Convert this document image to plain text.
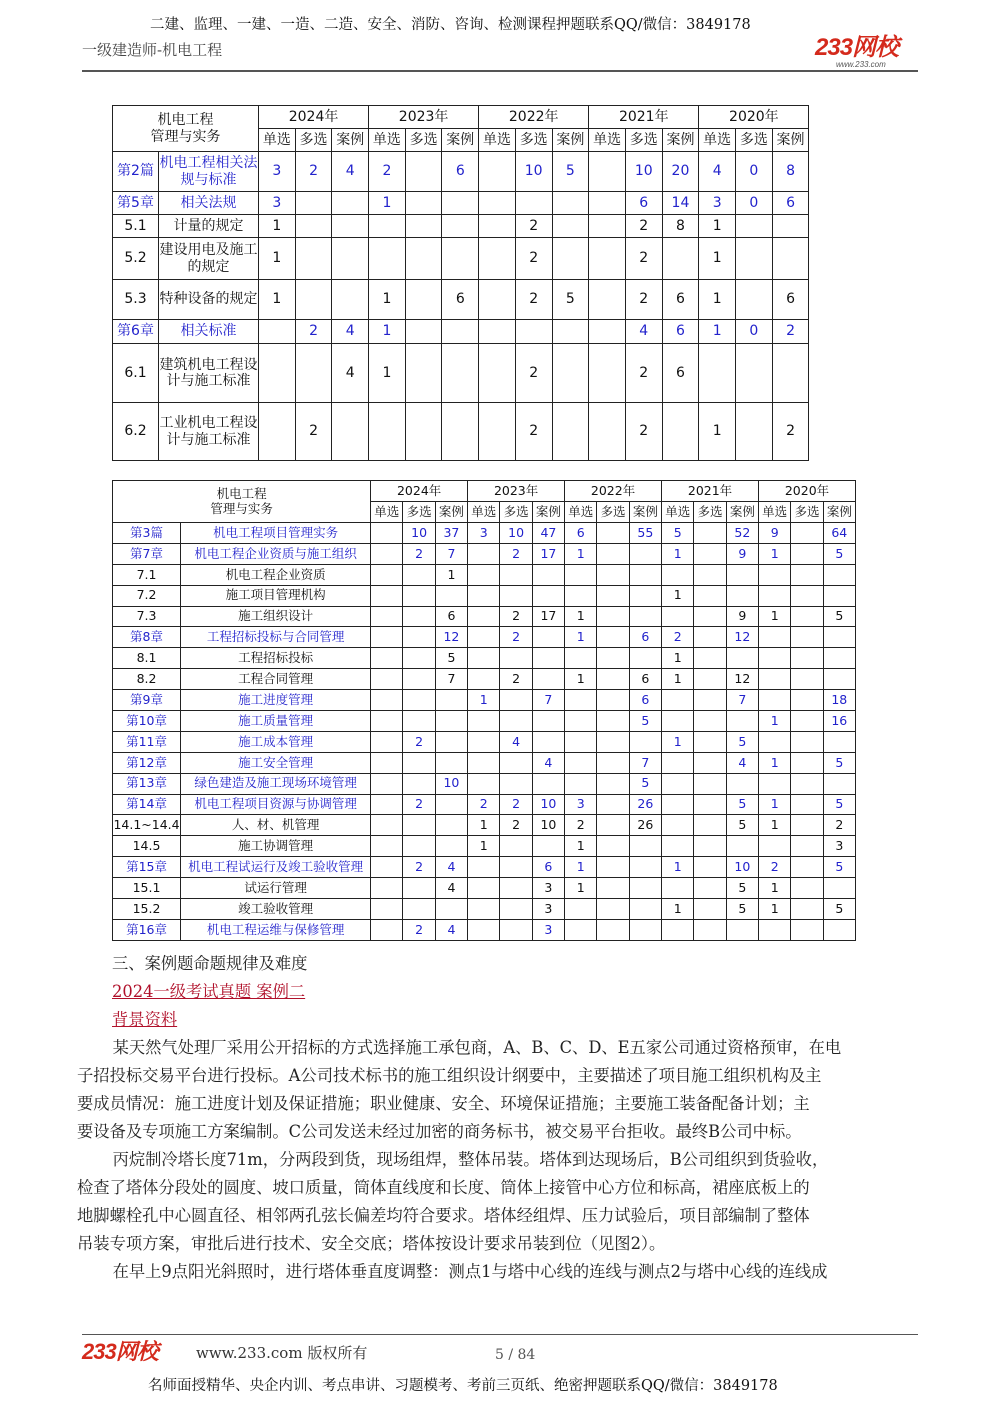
二建、监理、一建、一造、二造、安全、消防、咨询、检测课程押题联系QQ/微信：3849178
一级建造师-机电工程	233网校
www.233.com
机电工程
管理与实务		2024年			2023年			2022年			2021年			2020年		
		单选	多选	案例	单选	多选	案例	单选	多选	案例	单选	多选	案例	单选	多选	案例
第2篇	机电工程相关法规与标准	3	2	4	2		6		10	5		10	20	4	0	8
第5章	相关法规	3			1							6	14	3	0	6
5.1	计量的规定	1							2			2	8	1		
5.2	建设用电及施工的规定	1							2			2		1		
5.3	特种设备的规定	1			1		6		2	5		2	6	1		6
第6章	相关标准		2	4	1							4	6	1	0	2
6.1	建筑机电工程设计与施工标准			4	1				2			2	6			
6.2	工业机电工程设计与施工标准		2						2			2		1		2
机电工程
管理与实务		2024年			2023年			2022年			2021年			2020年		
		单选	多选	案例	单选	多选	案例	单选	多选	案例	单选	多选	案例	单选	多选	案例
第3篇	机电工程项目管理实务		10	37	3	10	47	6		55	5		52	9		64
第7章	机电工程企业资质与施工组织		2	7		2	17	1			1		9	1		5
7.1	机电工程企业资质			1												
7.2	施工项目管理机构										1					
7.3	施工组织设计			6		2	17	1					9	1		5
第8章	工程招标投标与合同管理			12		2		1		6	2		12			
8.1	工程招标投标			5							1					
8.2	工程合同管理			7		2		1		6	1		12			
第9章	施工进度管理				1		7			6			7			18
第10章	施工质量管理									5				1		16
第11章	施工成本管理		2			4					1		5			
第12章	施工安全管理						4			7			4	1		5
第13章	绿色建造及施工现场环境管理			10						5						
第14章	机电工程项目资源与协调管理		2		2	2	10	3		26			5	1		5
14.1~14.4	人、材、机管理				1	2	10	2		26			5	1		2
14.5	施工协调管理				1			1								3
第15章	机电工程试运行及竣工验收管理		2	4			6	1			1		10	2		5
15.1	试运行管理			4			3	1					5	1		
15.2	竣工验收管理						3				1		5	1		5
第16章	机电工程运维与保修管理		2	4			3									
三、案例题命题规律及难度
2024一级考试真题 案例二
背景资料
　　某天然气处理厂采用公开招标的方式选择施工承包商，A、B、C、D、E五家公司通过资格预审，在电
子招投标交易平台进行投标。A公司技术标书的施工组织设计纲要中，主要描述了项目施工组织机构及主
要成员情况：施工进度计划及保证措施；职业健康、安全、环境保证措施；主要施工装备配备计划；主
要设备及专项施工方案编制。C公司发送未经过加密的商务标书，被交易平台拒收。最终B公司中标。
　　丙烷制冷塔长度71m，分两段到货，现场组焊，整体吊装。塔体到达现场后，B公司组织到货验收，
检查了塔体分段处的圆度、坡口质量，筒体直线度和长度、筒体上接管中心方位和标高，裙座底板上的
地脚螺栓孔中心圆直径、相邻两孔弦长偏差均符合要求。塔体经组焊、压力试验后，项目部编制了整体
吊装专项方案，审批后进行技术、安全交底；塔体按设计要求吊装到位（见图2）。
　　在早上9点阳光斜照时，进行塔体垂直度调整：测点1与塔中心线的连线与测点2与塔中心线的连线成
233网校	www.233.com 版权所有	5 / 84
名师面授精华、央企内训、考点串讲、习题模考、考前三页纸、绝密押题联系QQ/微信：3849178
